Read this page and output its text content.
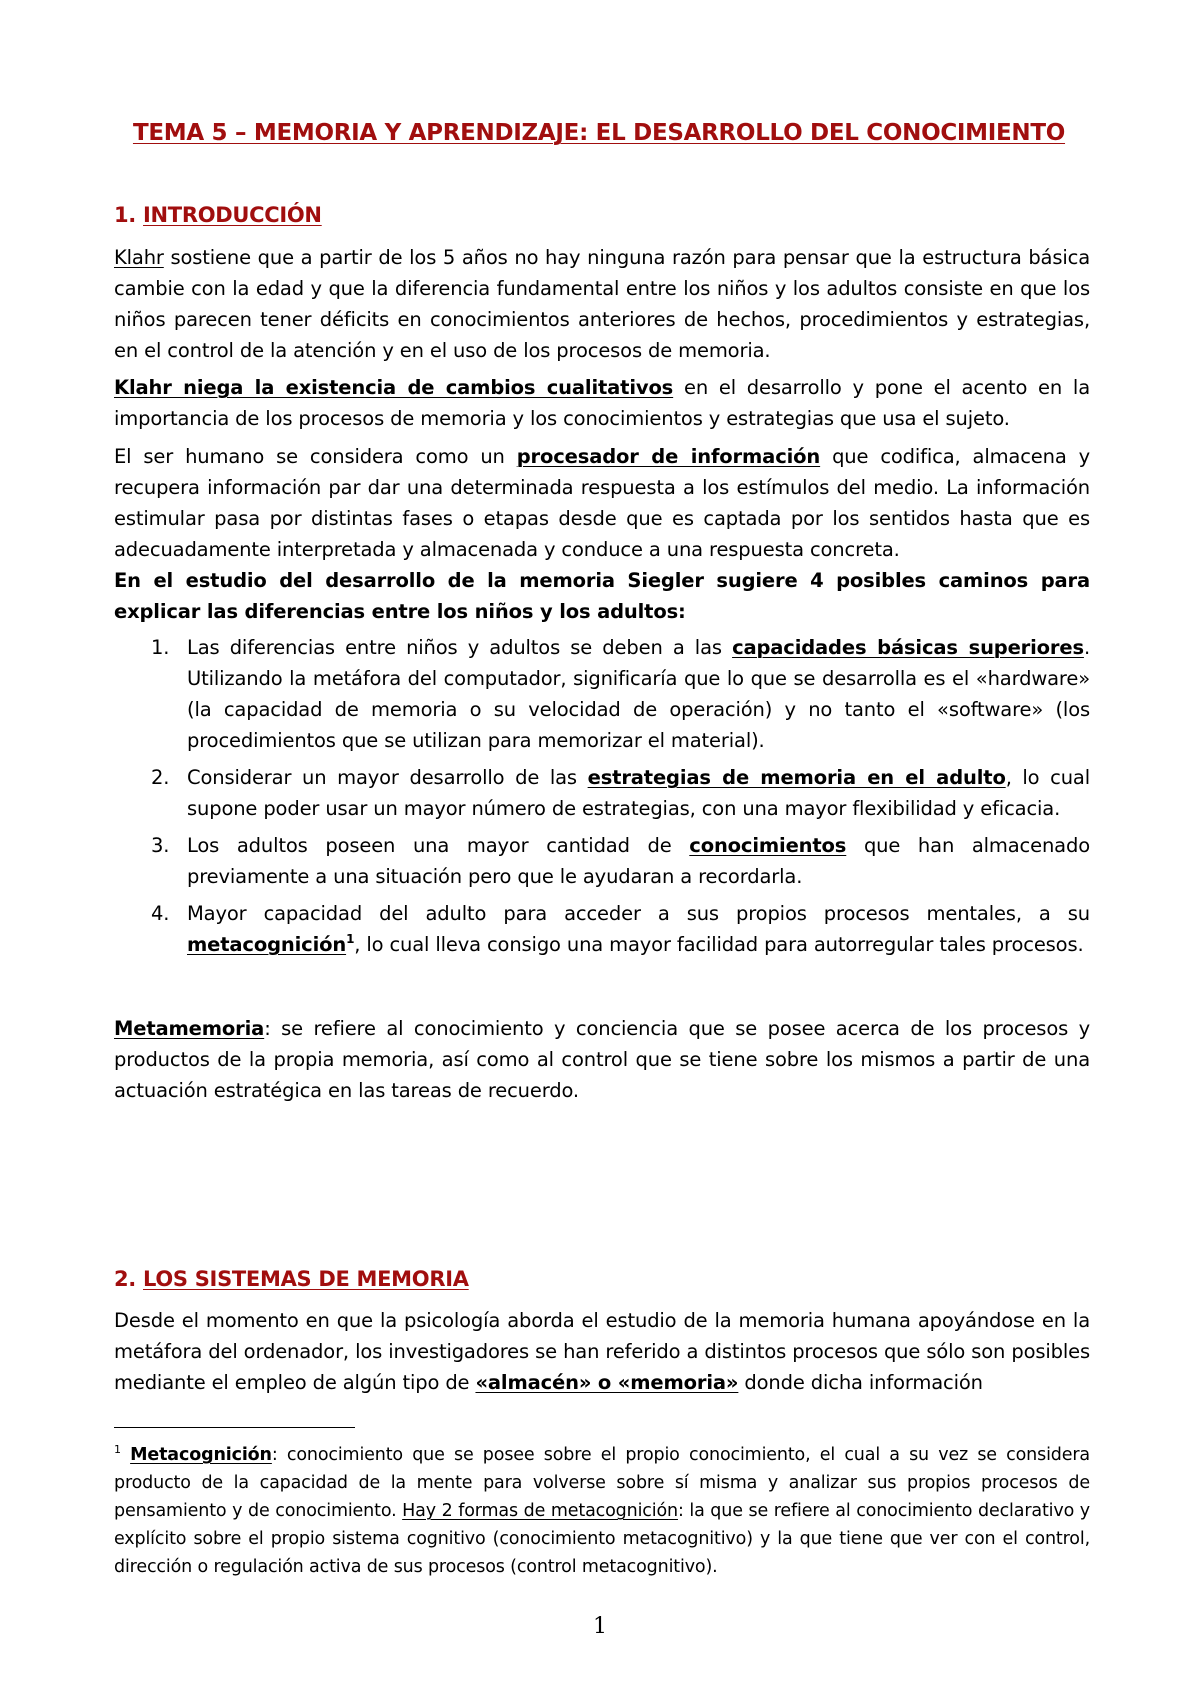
TEMA 5 – MEMORIA Y APRENDIZAJE: EL DESARROLLO DEL CONOCIMIENTO
1. INTRODUCCIÓN

Klahr sostiene que a partir de los 5 años no hay ninguna razón para pensar que la estructura básica cambie con la edad y que la diferencia fundamental entre los niños y los adultos consiste en que los niños parecen tener déficits en conocimientos anteriores de hechos, procedimientos y estrategias, en el control de la atención y en el uso de los procesos de memoria.

Klahr niega la existencia de cambios cualitativos en el desarrollo y pone el acento en la importancia de los procesos de memoria y los conocimientos y estrategias que usa el sujeto.

El ser humano se considera como un procesador de información que codifica, almacena y recupera información par dar una determinada respuesta a los estímulos del medio. La información estimular pasa por distintas fases o etapas desde que es captada por los sentidos hasta que es adecuadamente interpretada y almacenada y conduce a una respuesta concreta.

En el estudio del desarrollo de la memoria Siegler sugiere 4 posibles caminos para explicar las diferencias entre los niños y los adultos:

1. Las diferencias entre niños y adultos se deben a las capacidades básicas superiores. Utilizando la metáfora del computador, significaría que lo que se desarrolla es el «hardware» (la capacidad de memoria o su velocidad de operación) y no tanto el «software» (los procedimientos que se utilizan para memorizar el material).
2. Considerar un mayor desarrollo de las estrategias de memoria en el adulto, lo cual supone poder usar un mayor número de estrategias, con una mayor flexibilidad y eficacia.
3. Los adultos poseen una mayor cantidad de conocimientos que han almacenado previamente a una situación pero que le ayudaran a recordarla.
4. Mayor capacidad del adulto para acceder a sus propios procesos mentales, a su metacognición$^1$, lo cual lleva consigo una mayor facilidad para autorregular tales procesos.

Metamemoria: se refiere al conocimiento y conciencia que se posee acerca de los procesos y productos de la propia memoria, así como al control que se tiene sobre los mismos a partir de una actuación estratégica en las tareas de recuerdo.

2. LOS SISTEMAS DE MEMORIA

Desde el momento en que la psicología aborda el estudio de la memoria humana apoyándose en la metáfora del ordenador, los investigadores se han referido a distintos procesos que sólo son posibles mediante el empleo de algún tipo de «almacén» o «memoria» donde dicha información

$^1$ Metacognición: conocimiento que se posee sobre el propio conocimiento, el cual a su vez se considera producto de la capacidad de la mente para volverse sobre sí misma y analizar sus propios procesos de pensamiento y de conocimiento. Hay 2 formas de metacognición: la que se refiere al conocimiento declarativo y explícito sobre el propio sistema cognitivo (conocimiento metacognitivo) y la que tiene que ver con el control, dirección o regulación activa de sus procesos (control metacognitivo).

1
